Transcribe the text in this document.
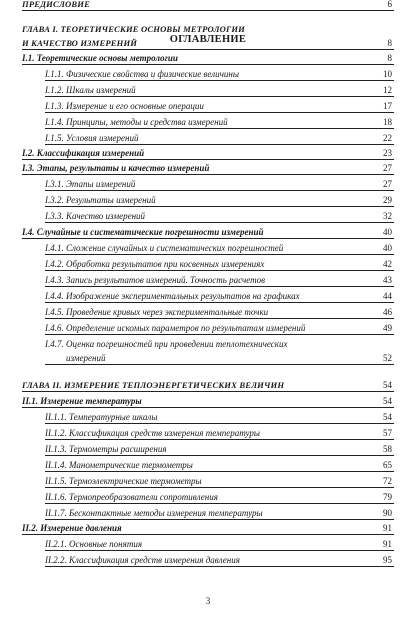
ОГЛАВЛЕНИЕ
ПРЕДИСЛОВИЕ	6
ГЛАВА I. ТЕОРЕТИЧЕСКИЕ ОСНОВЫ МЕТРОЛОГИИ
И КАЧЕСТВО ИЗМЕРЕНИЙ	8
I.1. Теоретические основы метрологии	8
I.1.1. Физические свойства и физические величины	10
I.1.2. Шкалы измерений	12
I.1.3. Измерение и его основные операции	17
I.1.4. Принципы, методы и средства измерений	18
I.1.5. Условия измерений	22
I.2. Классификация измерений	23
I.3. Этапы, результаты и качество измерений	27
I.3.1. Этапы измерений	27
I.3.2. Результаты измерений	29
I.3.3. Качество измерений	32
I.4. Случайные и систематические погрешности измерений	40
I.4.1. Сложение случайных и систематических погрешностей	40
I.4.2. Обработка результатов при косвенных измерениях	42
I.4.3. Запись результатов измерений. Точность расчетов	43
I.4.4. Изображение экспериментальных результатов на графиках	44
I.4.5. Проведение кривых через экспериментальные точки	46
I.4.6. Определение искомых параметров по результатам измерений	49
I.4.7. Оценка погрешностей при проведении теплотехнических
измерений	52
ГЛАВА II. ИЗМЕРЕНИЕ ТЕПЛОЭНЕРГЕТИЧЕСКИХ ВЕЛИЧИН	54
II.1. Измерение температуры	54
II.1.1. Температурные шкалы	54
II.1.2. Классификация средств измерения температуры	57
II.1.3. Термометры расширения	58
II.1.4. Манометрические термометры	65
II.1.5. Термоэлектрические термометры	72
II.1.6. Термопреобразователи сопротивления	79
II.1.7. Бесконтактные методы измерения температуры	90
II.2. Измерение давления	91
II.2.1. Основные понятия	91
II.2.2. Классификация средств измерения давления	95
3
